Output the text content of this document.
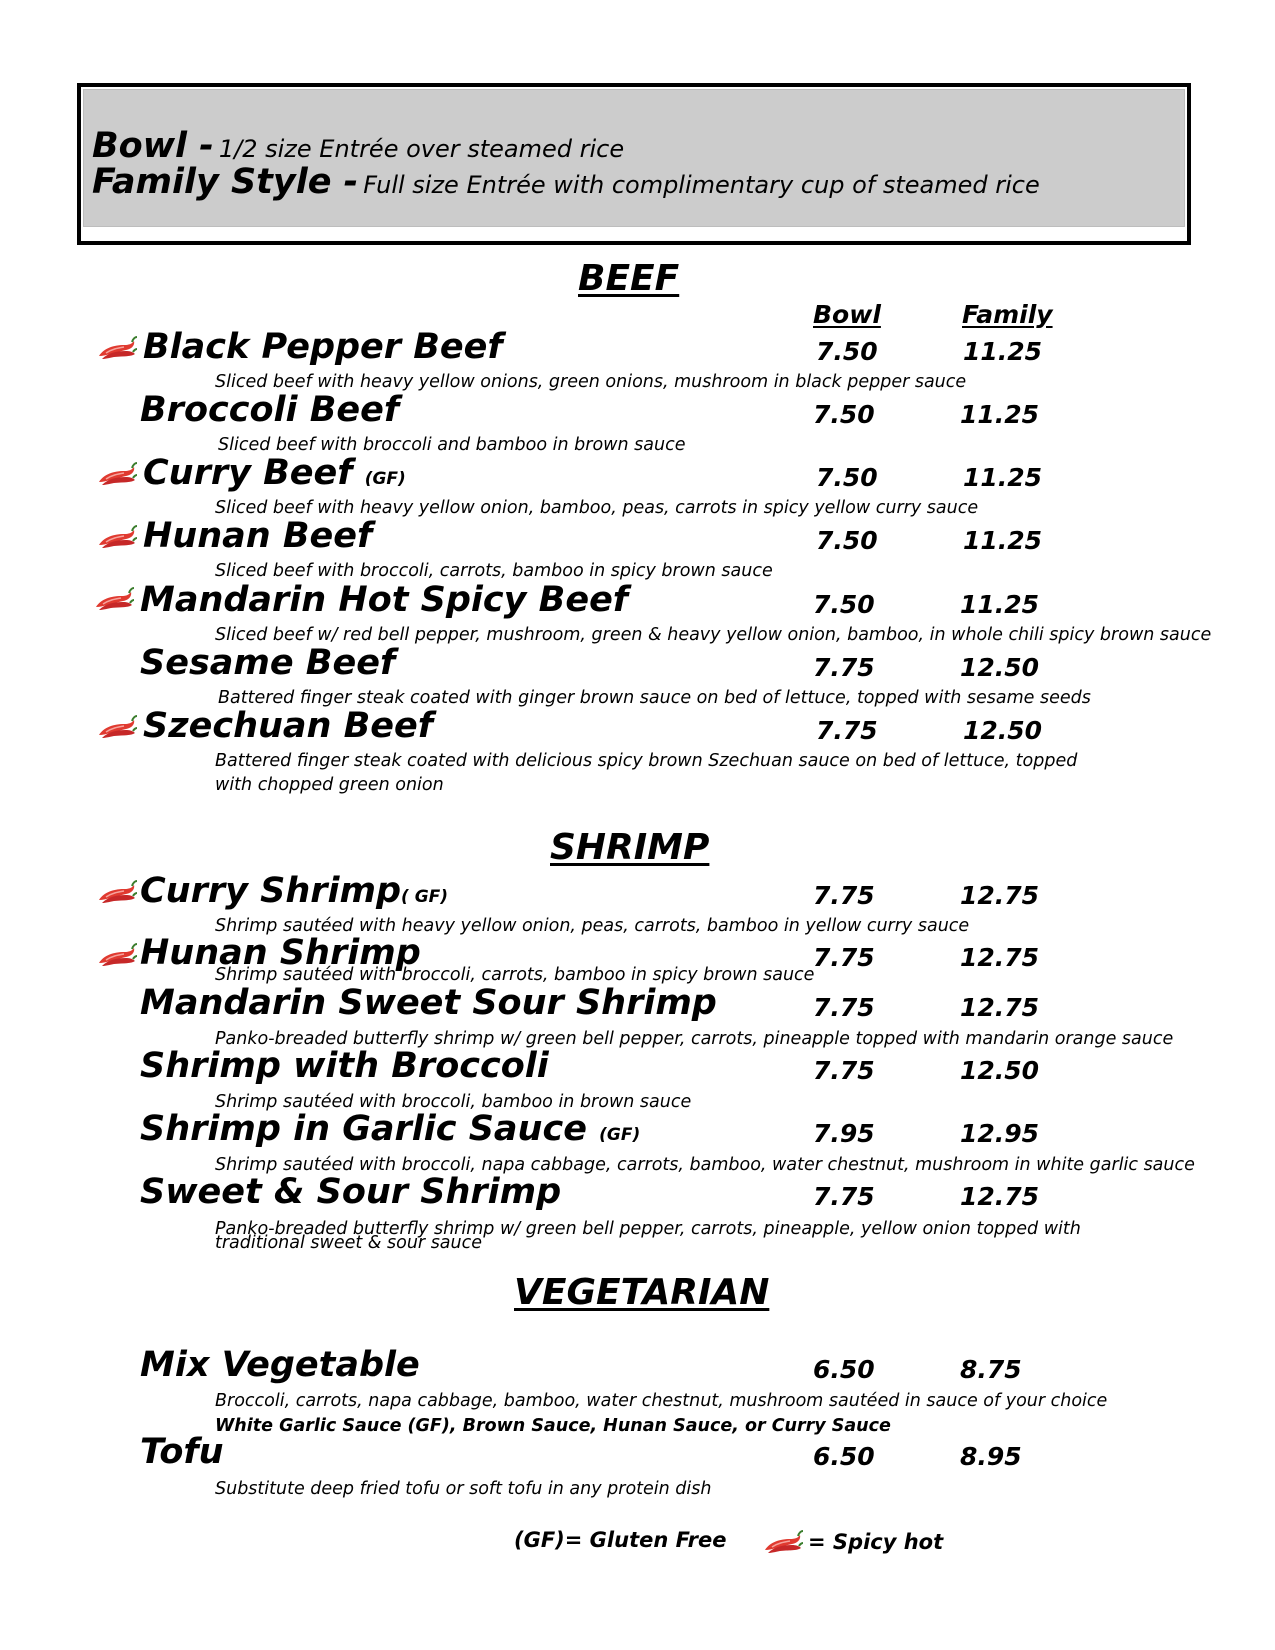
Bowl - 1/2 size Entrée over steamed rice
Family Style - Full size Entrée with complimentary cup of steamed rice
BEEF
Bowl	Family
Black Pepper Beef	7.50	11.25
Sliced beef with heavy yellow onions, green onions, mushroom in black pepper sauce
Broccoli Beef	7.50	11.25
Sliced beef with broccoli and bamboo in brown sauce
Curry Beef (GF)	7.50	11.25
Sliced beef with heavy yellow onion, bamboo, peas, carrots in spicy yellow curry sauce
Hunan Beef	7.50	11.25
Sliced beef with broccoli, carrots, bamboo in spicy brown sauce
Mandarin Hot Spicy Beef	7.50	11.25
Sliced beef w/ red bell pepper, mushroom, green & heavy yellow onion, bamboo, in whole chili spicy brown sauce
Sesame Beef	7.75	12.50
Battered finger steak coated with ginger brown sauce on bed of lettuce, topped with sesame seeds
Szechuan Beef	7.75	12.50
Battered finger steak coated with delicious spicy brown Szechuan sauce on bed of lettuce, topped with chopped green onion
SHRIMP
Curry Shrimp( GF)	7.75	12.75
Shrimp sautéed with heavy yellow onion, peas, carrots, bamboo in yellow curry sauce
Hunan Shrimp	7.75	12.75
Shrimp sautéed with broccoli, carrots, bamboo in spicy brown sauce
Mandarin Sweet Sour Shrimp	7.75	12.75
Panko-breaded butterfly shrimp w/ green bell pepper, carrots, pineapple topped with mandarin orange sauce
Shrimp with Broccoli	7.75	12.50
Shrimp sautéed with broccoli, bamboo in brown sauce
Shrimp in Garlic Sauce (GF)	7.95	12.95
Shrimp sautéed with broccoli, napa cabbage, carrots, bamboo, water chestnut, mushroom in white garlic sauce
Sweet & Sour Shrimp	7.75	12.75
Panko-breaded butterfly shrimp w/ green bell pepper, carrots, pineapple, yellow onion topped with traditional sweet & sour sauce
VEGETARIAN
Mix Vegetable	6.50	8.75
Broccoli, carrots, napa cabbage, bamboo, water chestnut, mushroom sautéed in sauce of your choice
White Garlic Sauce (GF), Brown Sauce, Hunan Sauce, or Curry Sauce
Tofu	6.50	8.95
Substitute deep fried tofu or soft tofu in any protein dish
(GF)= Gluten Free	= Spicy hot
